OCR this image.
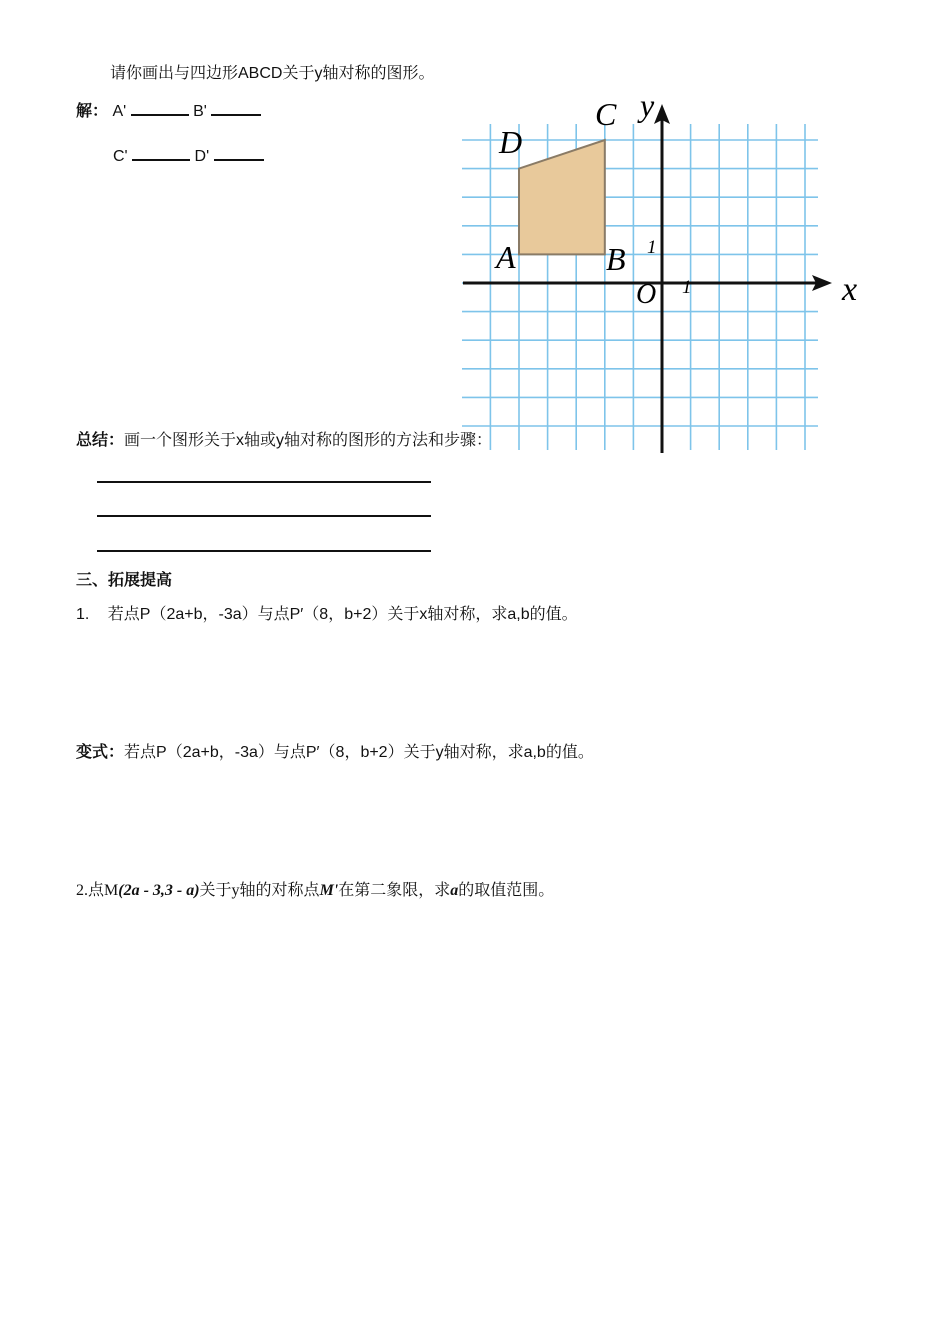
请你画出与四边形ABCD关于y轴对称的图形。
解： A'	B'
C'	D'
x
y
O 1
1
A	B
C
D
总结：画一个图形关于x轴或y轴对称的图形的方法和步骤：
三、拓展提高
1. 若点P（2a+b，-3a）与点P′（8，b+2）关于x轴对称，求a,b的值。
变式：若点P（2a+b，-3a）与点P′（8，b+2）关于y轴对称，求a,b的值。
2.点M(2a - 3,3 - a)关于y轴的对称点M'在第二象限，求a的取值范围。
